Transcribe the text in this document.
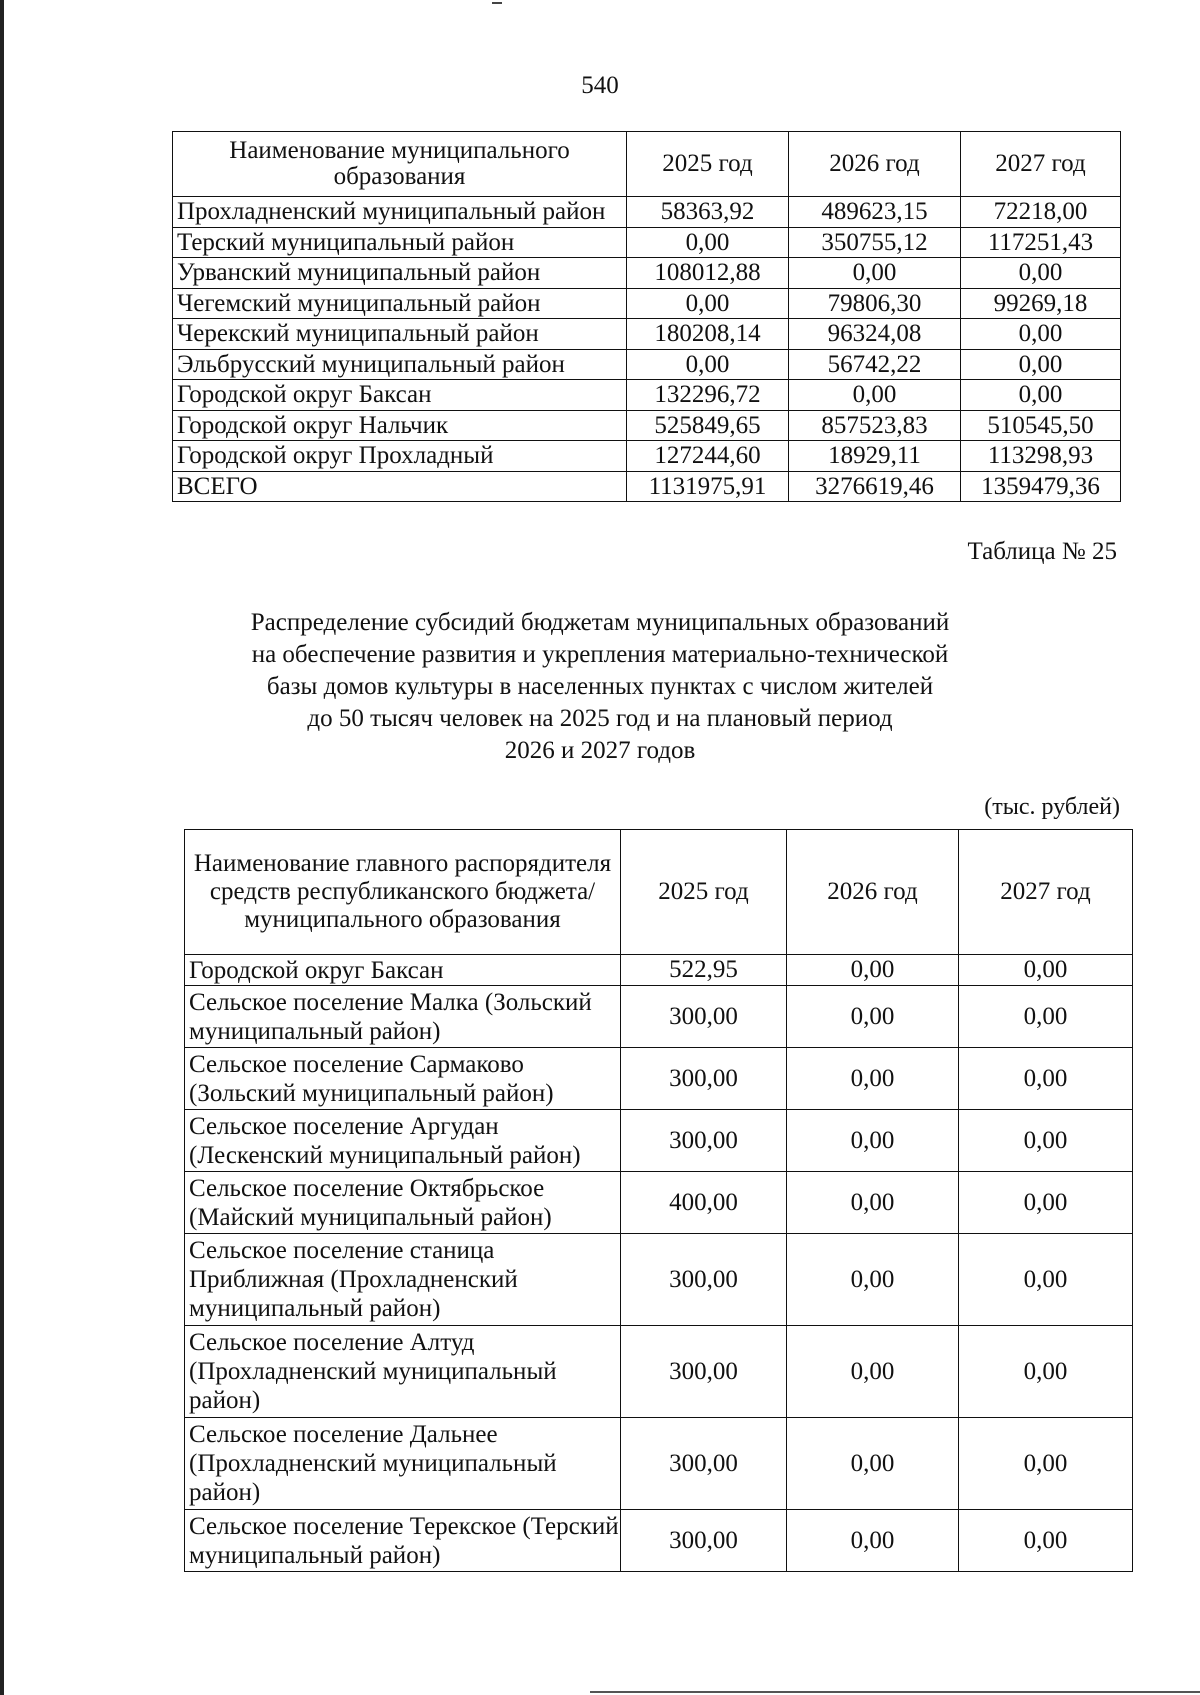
540
Наименование муниципального образования	2025 год	2026 год	2027 год
Прохладненский муниципальный район	58363,92	489623,15	72218,00
Терский муниципальный район	0,00	350755,12	117251,43
Урванский муниципальный район	108012,88	0,00	0,00
Чегемский муниципальный район	0,00	79806,30	99269,18
Черекский муниципальный район	180208,14	96324,08	0,00
Эльбрусский муниципальный район	0,00	56742,22	0,00
Городской округ Баксан	132296,72	0,00	0,00
Городской округ Нальчик	525849,65	857523,83	510545,50
Городской округ Прохладный	127244,60	18929,11	113298,93
ВСЕГО	1131975,91	3276619,46	1359479,36
Таблица № 25
Распределение субсидий бюджетам муниципальных образований
на обеспечение развития и укрепления материально-технической
базы домов культуры в населенных пунктах с числом жителей
до 50 тысяч человек на 2025 год и на плановый период
2026 и 2027 годов
(тыс. рублей)
Наименование главного распорядителя средств республиканского бюджета/ муниципального образования	2025 год	2026 год	2027 год
Городской округ Баксан	522,95	0,00	0,00
Сельское поселение Малка (Зольский муниципальный район)	300,00	0,00	0,00
Сельское поселение Сармаково (Зольский муниципальный район)	300,00	0,00	0,00
Сельское поселение Аргудан (Лескенский муниципальный район)	300,00	0,00	0,00
Сельское поселение Октябрьское (Майский муниципальный район)	400,00	0,00	0,00
Сельское поселение станица Приближная (Прохладненский муниципальный район)	300,00	0,00	0,00
Сельское поселение Алтуд (Прохладненский муниципальный район)	300,00	0,00	0,00
Сельское поселение Дальнее (Прохладненский муниципальный район)	300,00	0,00	0,00
Сельское поселение Терекское (Терский муниципальный район)	300,00	0,00	0,00
